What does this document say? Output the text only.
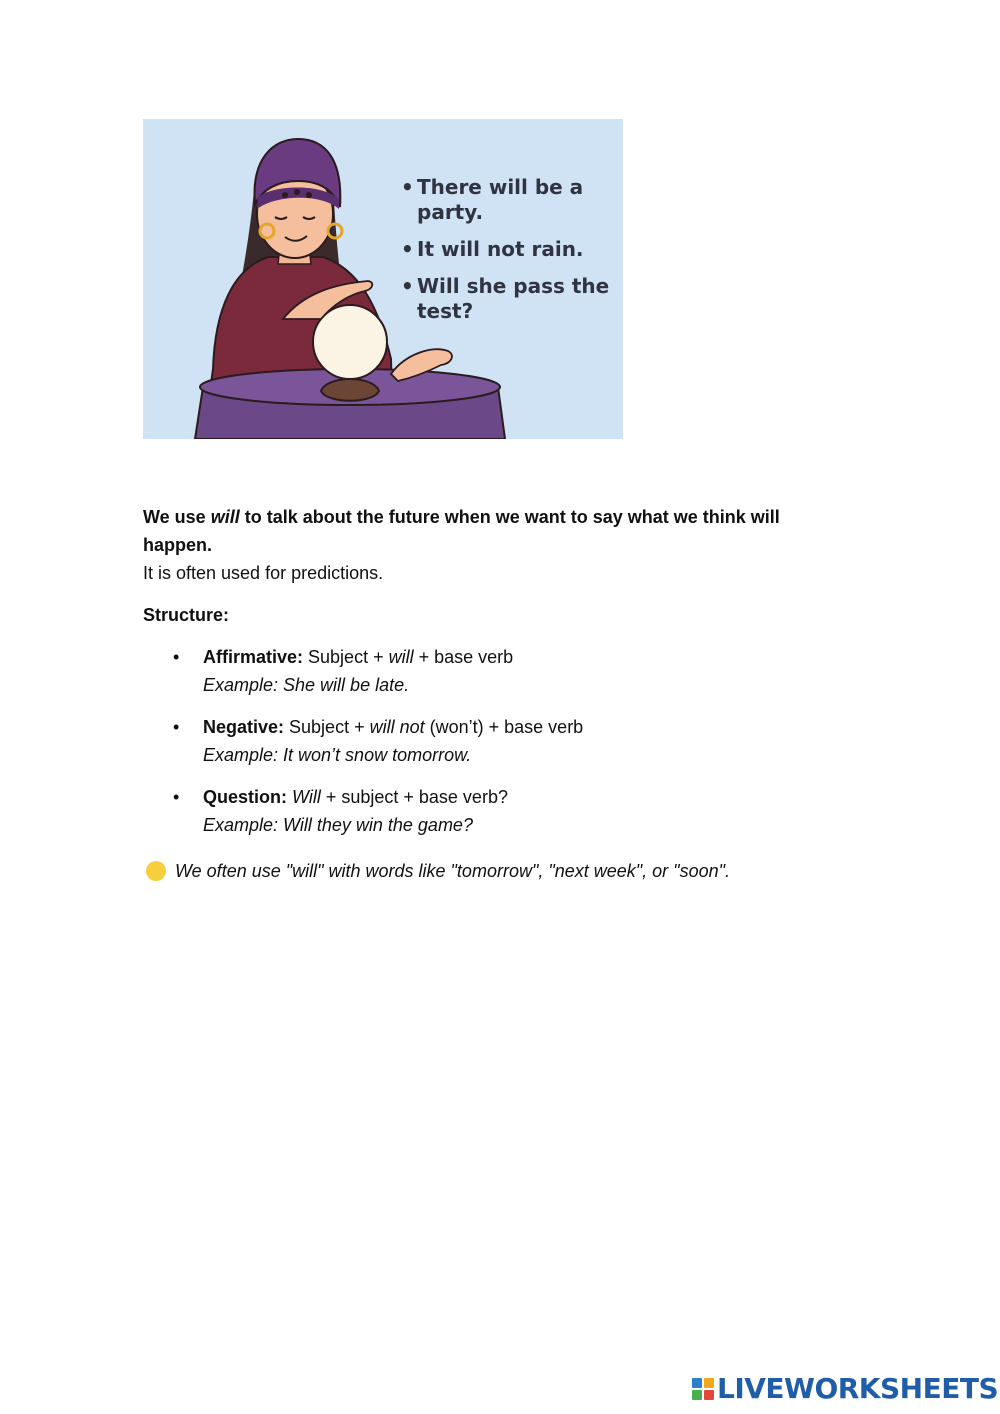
• There will be a party.
• It will not rain.
• Will she pass the test?
We use will to talk about the future when we want to say what we think will happen.
It is often used for predictions.
Structure:
• Affirmative: Subject + will + base verb
Example: She will be late.
• Negative: Subject + will not (won’t) + base verb
Example: It won’t snow tomorrow.
• Question: Will + subject + base verb?
Example: Will they win the game?
We often use "will" with words like "tomorrow", "next week", or "soon".
LIVEWORKSHEETS
